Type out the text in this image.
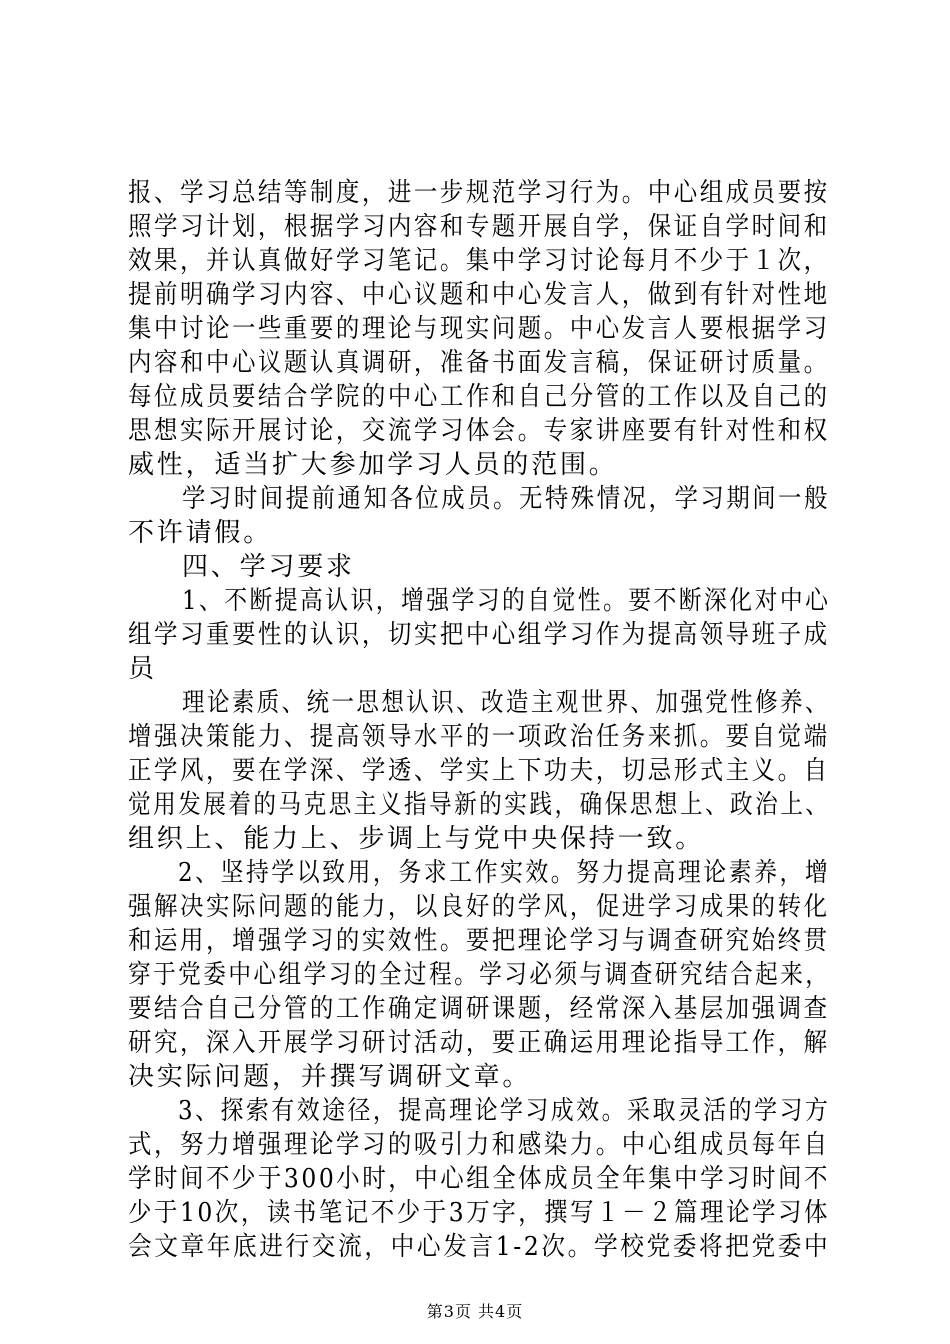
报、学习总结等制度，进一步规范学习行为。中心组成员要按
照学习计划，根据学习内容和专题开展自学，保证自学时间和
效果，并认真做好学习笔记。集中学习讨论每月不少于１次，
提前明确学习内容、中心议题和中心发言人，做到有针对性地
集中讨论一些重要的理论与现实问题。中心发言人要根据学习
内容和中心议题认真调研，准备书面发言稿，保证研讨质量。
每位成员要结合学院的中心工作和自己分管的工作以及自己的
思想实际开展讨论，交流学习体会。专家讲座要有针对性和权
威性，适当扩大参加学习人员的范围。
学习时间提前通知各位成员。无特殊情况，学习期间一般
不许请假。
四、学习要求
1、不断提高认识，增强学习的自觉性。要不断深化对中心
组学习重要性的认识，切实把中心组学习作为提高领导班子成
员
理论素质、统一思想认识、改造主观世界、加强党性修养、
增强决策能力、提高领导水平的一项政治任务来抓。要自觉端
正学风，要在学深、学透、学实上下功夫，切忌形式主义。自
觉用发展着的马克思主义指导新的实践，确保思想上、政治上、
组织上、能力上、步调上与党中央保持一致。
2、坚持学以致用，务求工作实效。努力提高理论素养，增
强解决实际问题的能力，以良好的学风，促进学习成果的转化
和运用，增强学习的实效性。要把理论学习与调查研究始终贯
穿于党委中心组学习的全过程。学习必须与调查研究结合起来，
要结合自己分管的工作确定调研课题，经常深入基层加强调查
研究，深入开展学习研讨活动，要正确运用理论指导工作，解
决实际问题，并撰写调研文章。
3、探索有效途径，提高理论学习成效。采取灵活的学习方
式，努力增强理论学习的吸引力和感染力。中心组成员每年自
学时间不少于300小时，中心组全体成员全年集中学习时间不
少于10次，读书笔记不少于3万字，撰写１－２篇理论学习体
会文章年底进行交流，中心发言1-2次。学校党委将把党委中
第3页 共4页
